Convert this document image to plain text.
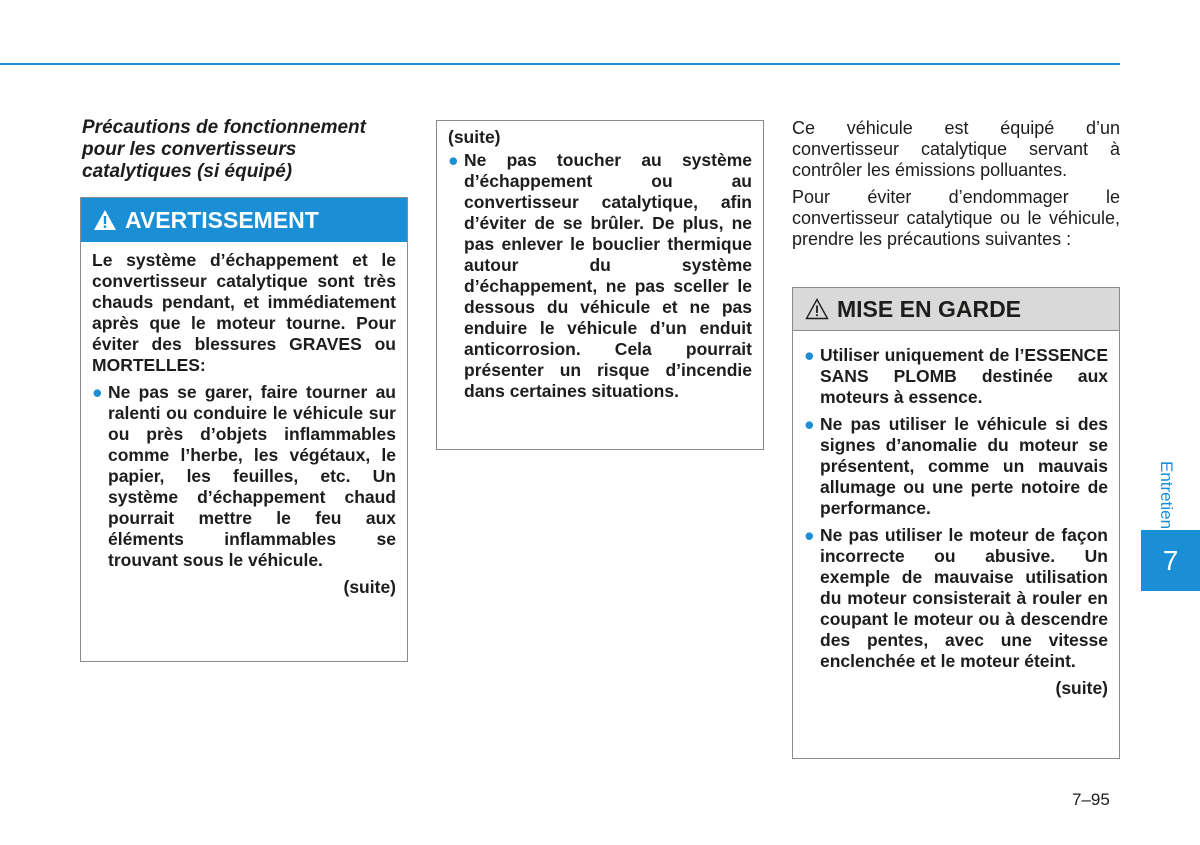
Précautions de fonctionnement
pour les convertisseurs
catalytiques (si équipé)
AVERTISSEMENT

Le système d’échappement et le convertisseur catalytique sont très chauds pendant, et immédiatement après que le moteur tourne. Pour éviter des blessures GRAVES ou MORTELLES:

● Ne pas se garer, faire tourner au ralenti ou conduire le véhicule sur ou près d’objets inflammables comme l’herbe, les végétaux, le papier, les feuilles, etc. Un système d’échappement chaud pourrait mettre le feu aux éléments inflammables se trouvant sous le véhicule.

(suite)

(suite)

● Ne pas toucher au système d’échappement ou au convertisseur catalytique, afin d’éviter de se brûler. De plus, ne pas enlever le bouclier thermique autour du système d’échappement, ne pas sceller le dessous du véhicule et ne pas enduire le véhicule d’un enduit anticorrosion. Cela pourrait présenter un risque d’incendie dans certaines situations.

Ce véhicule est équipé d’un convertisseur catalytique servant à contrôler les émissions polluantes.

Pour éviter d’endommager le convertisseur catalytique ou le véhicule, prendre les précautions suivantes :

MISE EN GARDE
● Utiliser uniquement de l’ESSENCE SANS PLOMB destinée aux moteurs à essence.
● Ne pas utiliser le véhicule si des signes d’anomalie du moteur se présentent, comme un mauvais allumage ou une perte notoire de performance.
● Ne pas utiliser le moteur de façon incorrecte ou abusive. Un exemple de mauvaise utilisation du moteur consisterait à rouler en coupant le moteur ou à descendre des pentes, avec une vitesse enclenchée et le moteur éteint.

(suite)

Entretien
7
7–95
